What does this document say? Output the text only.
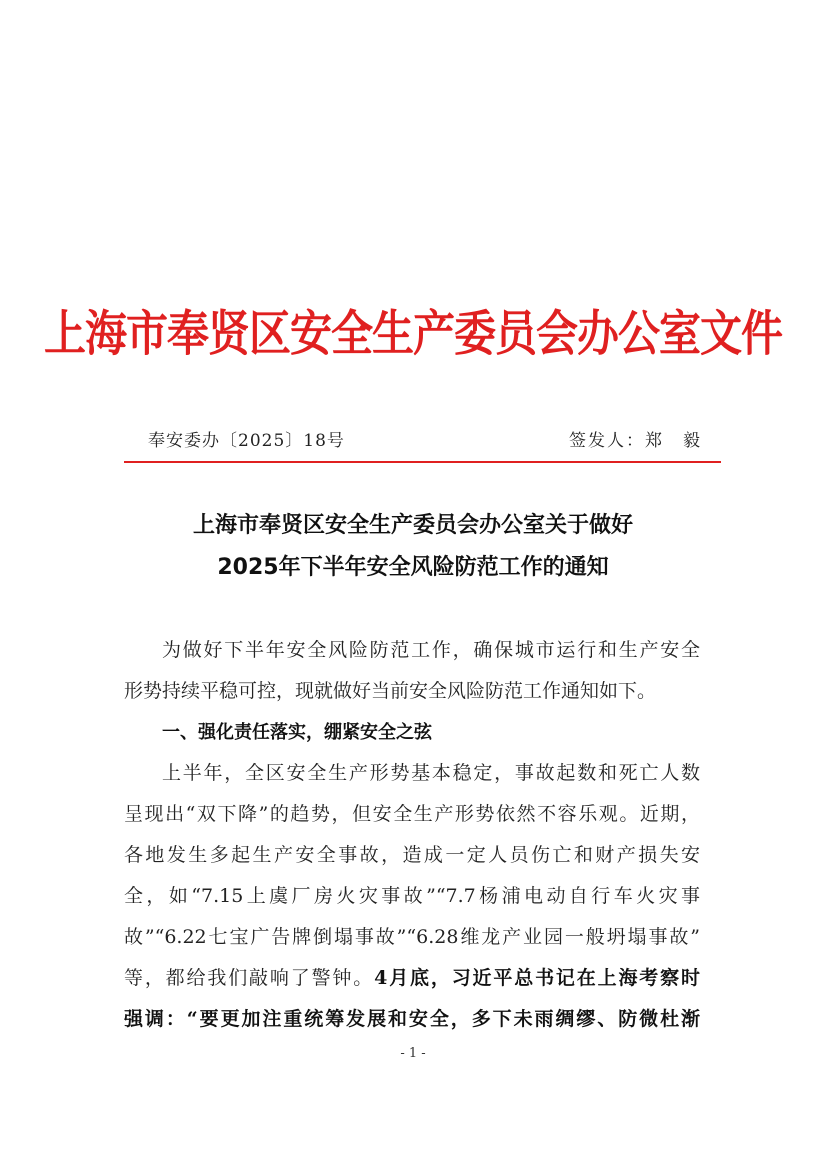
上海市奉贤区安全生产委员会办公室文件
奉安委办〔2025〕18号	签发人：郑　毅
上海市奉贤区安全生产委员会办公室关于做好
2025年下半年安全风险防范工作的通知
为做好下半年安全风险防范工作，确保城市运行和生产安全
形势持续平稳可控，现就做好当前安全风险防范工作通知如下。
一、强化责任落实，绷紧安全之弦
上半年，全区安全生产形势基本稳定，事故起数和死亡人数
呈现出“双下降”的趋势，但安全生产形势依然不容乐观。近期，
各地发生多起生产安全事故，造成一定人员伤亡和财产损失安
全，如“7.15上虞厂房火灾事故”“7.7杨浦电动自行车火灾事
故”“6.22七宝广告牌倒塌事故”“6.28维龙产业园一般坍塌事故”
等，都给我们敲响了警钟。4月底，习近平总书记在上海考察时
强调：“要更加注重统筹发展和安全，多下未雨绸缪、防微杜渐
- 1 -
